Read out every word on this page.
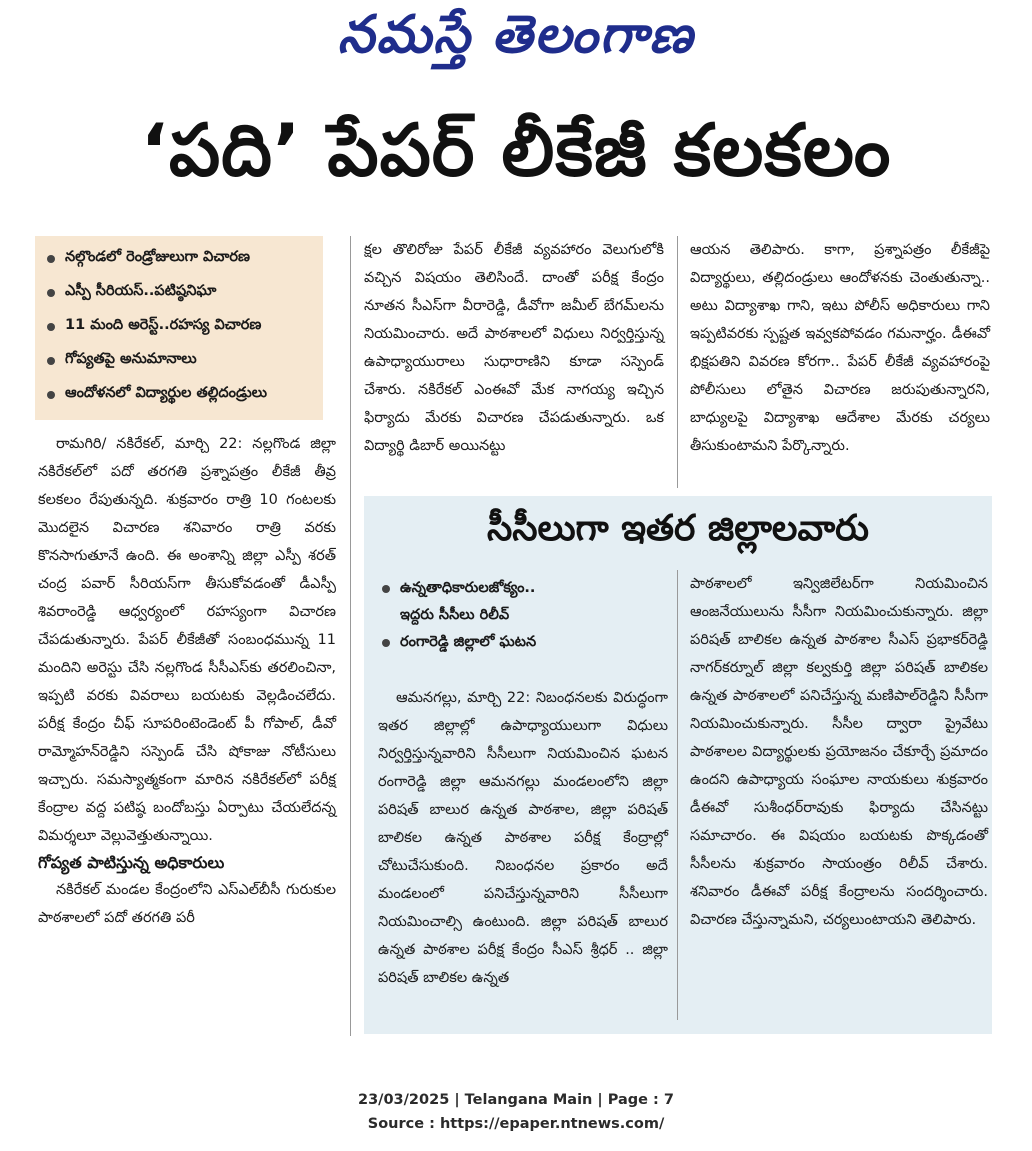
నమస్తే తెలంగాణ
‘పది’ పేపర్ లీకేజీ కలకలం
నల్గొండలో రెండ్రోజులుగా విచారణ
ఎస్పీ సీరియస్‌..పటిష్ఠనిఘా
11 మంది అరెస్ట్‌..రహస్య విచారణ
గోప్యతపై అనుమానాలు
ఆందోళనలో విద్యార్థుల తల్లిదండ్రులు

రామగిరి/ నకిరేకల్‌, మార్చి 22: నల్లగొండ జిల్లా నకిరేకల్‌లో పదో తరగతి ప్రశ్నాపత్రం లీకేజీ తీవ్ర కలకలం రేపుతున్నది. శుక్రవారం రాత్రి 10 గంటలకు మొదలైన విచారణ శనివారం రాత్రి వరకు కొనసాగుతూనే ఉంది. ఈ అంశాన్ని జిల్లా ఎస్పీ శరత్‌ చంద్ర పవార్‌ సీరియస్‌గా తీసుకోవడంతో డీఎస్పీ శివరాంరెడ్డి ఆధ్వర్యంలో రహస్యంగా విచారణ చేపడుతున్నారు. పేపర్‌ లీకేజీతో సంబంధమున్న 11 మందిని అరెస్టు చేసి నల్లగొండ సీసీఎస్‌కు తరలించినా, ఇప్పటి వరకు వివరాలు బయటకు వెల్లడించలేదు. పరీక్ష కేంద్రం చీఫ్‌ సూపరింటెండెంట్‌ పీ గోపాల్‌, డీవో రామ్మోహన్‌రెడ్డిని సస్పెండ్‌ చేసి షోకాజు నోటీసులు ఇచ్చారు. సమస్యాత్మకంగా మారిన నకిరేకల్‌లో పరీక్ష కేంద్రాల వద్ద పటిష్ఠ బందోబస్తు ఏర్పాటు చేయలేదన్న విమర్శలూ వెల్లువెత్తుతున్నాయి.

గోప్యత పాటిస్తున్న అధికారులు

నకిరేకల్‌ మండల కేంద్రంలోని ఎస్‌ఎల్‌బీసీ గురుకుల పాఠశాలలో పదో తరగతి పరీ

క్షల తొలిరోజు పేపర్‌ లీకేజీ వ్యవహారం వెలుగులోకి వచ్చిన విషయం తెలిసిందే. దాంతో పరీక్ష కేంద్రం నూతన సీఎస్‌గా వీరారెడ్డి, డీవోగా జమీల్‌ బేగమ్‌లను నియమించారు. అదే పాఠశాలలో విధులు నిర్వర్తిస్తున్న ఉపాధ్యాయురాలు సుధారాణిని కూడా సస్పెండ్‌ చేశారు. నకిరేకల్‌ ఎంఈవో మేక నాగయ్య ఇచ్చిన ఫిర్యాదు మేరకు విచారణ చేపడుతున్నారు. ఒక విద్యార్థి డిబార్‌ అయినట్టు

ఆయన తెలిపారు. కాగా, ప్రశ్నాపత్రం లీకేజీపై విద్యార్థులు, తల్లిదండ్రులు ఆందోళనకు చెంతుతున్నా.. అటు విద్యాశాఖ గాని, ఇటు పోలీస్‌ అధికారులు గాని ఇప్పటివరకు స్పష్టత ఇవ్వకపోవడం గమనార్హం. డీఈవో భిక్షపతిని వివరణ కోరగా.. పేపర్‌ లీకేజీ వ్యవహారంపై పోలీసులు లోతైన విచారణ జరుపుతున్నారని, బాధ్యులపై విద్యాశాఖ ఆదేశాల మేరకు చర్యలు తీసుకుంటామని పేర్కొన్నారు.

సీసీలుగా ఇతర జిల్లాలవారు
ఉన్నతాధికారులజోక్యం..
ఇద్దరు సీసీలు రిలీవ్‌
రంగారెడ్డి జిల్లాలో ఘటన

ఆమనగల్లు, మార్చి 22: నిబంధనలకు విరుద్ధంగా ఇతర జిల్లాల్లో ఉపాధ్యాయులుగా విధులు నిర్వర్తిస్తున్నవారిని సీసీలుగా నియమించిన ఘటన రంగారెడ్డి జిల్లా ఆమనగల్లు మండలంలోని జిల్లా పరిషత్‌ బాలుర ఉన్నత పాఠశాల, జిల్లా పరిషత్‌ బాలికల ఉన్నత పాఠశాల పరీక్ష కేంద్రాల్లో చోటుచేసుకుంది. నిబంధనల ప్రకారం అదే మండలంలో పనిచేస్తున్నవారిని సీసీలుగా నియమించాల్సి ఉంటుంది. జిల్లా పరిషత్‌ బాలుర ఉన్నత పాఠశాల పరీక్ష కేంద్రం సీఎస్‌ శ్రీధర్‌ .. జిల్లా పరిషత్‌ బాలికల ఉన్నత

పాఠశాలలో ఇన్విజిలేటర్‌గా నియమించిన ఆంజనేయులును సీసీగా నియమించుకున్నారు. జిల్లా పరిషత్‌ బాలికల ఉన్నత పాఠశాల సీఎస్‌ ప్రభాకర్‌రెడ్డి నాగర్‌కర్నూల్‌ జిల్లా కల్వకుర్తి జిల్లా పరిషత్‌ బాలికల ఉన్నత పాఠశాలలో పనిచేస్తున్న మణిపాల్‌రెడ్డిని సీసీగా నియమించుకున్నారు. సీసీల ద్వారా ప్రైవేటు పాఠశాలల విద్యార్థులకు ప్రయోజనం చేకూర్చే ప్రమాదం ఉందని ఉపాధ్యాయ సంఘాల నాయకులు శుక్రవారం డీఈవో సుశీంధర్‌రావుకు ఫిర్యాదు చేసినట్టు సమాచారం. ఈ విషయం బయటకు పొక్కడంతో సీసీలను శుక్రవారం సాయంత్రం రిలీవ్‌ చేశారు. శనివారం డీఈవో పరీక్ష కేంద్రాలను సందర్శించారు. విచారణ చేస్తున్నామని, చర్యలుంటాయని తెలిపారు.

23/03/2025 | Telangana Main | Page : 7
Source : https://epaper.ntnews.com/
